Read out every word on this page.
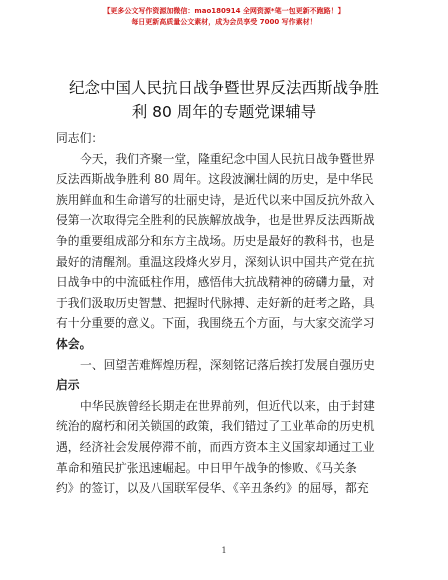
【更多公文写作资源加微信：mao180914 全网资源*笔一包更新不跑路！】
每日更新高质量公文素材，成为会员享受 7000 写作素材！
纪念中国人民抗日战争暨世界反法西斯战争胜
利 80 周年的专题党课辅导
同志们：
今天，我们齐聚一堂，隆重纪念中国人民抗日战争暨世界
反法西斯战争胜利 80 周年。这段波澜壮阔的历史，是中华民
族用鲜血和生命谱写的壮丽史诗，是近代以来中国反抗外敌入
侵第一次取得完全胜利的民族解放战争，也是世界反法西斯战
争的重要组成部分和东方主战场。历史是最好的教科书，也是
最好的清醒剂。重温这段烽火岁月，深刻认识中国共产党在抗
日战争中的中流砥柱作用，感悟伟大抗战精神的磅礴力量，对
于我们汲取历史智慧、把握时代脉搏、走好新的赶考之路，具
有十分重要的意义。下面，我围绕五个方面，与大家交流学习
体会。
一、回望苦难辉煌历程，深刻铭记落后挨打发展自强历史
启示
中华民族曾经长期走在世界前列，但近代以来，由于封建
统治的腐朽和闭关锁国的政策，我们错过了工业革命的历史机
遇，经济社会发展停滞不前，而西方资本主义国家却通过工业
革命和殖民扩张迅速崛起。中日甲午战争的惨败、《马关条
约》的签订，以及八国联军侵华、《辛丑条约》的屈辱，都充
1
